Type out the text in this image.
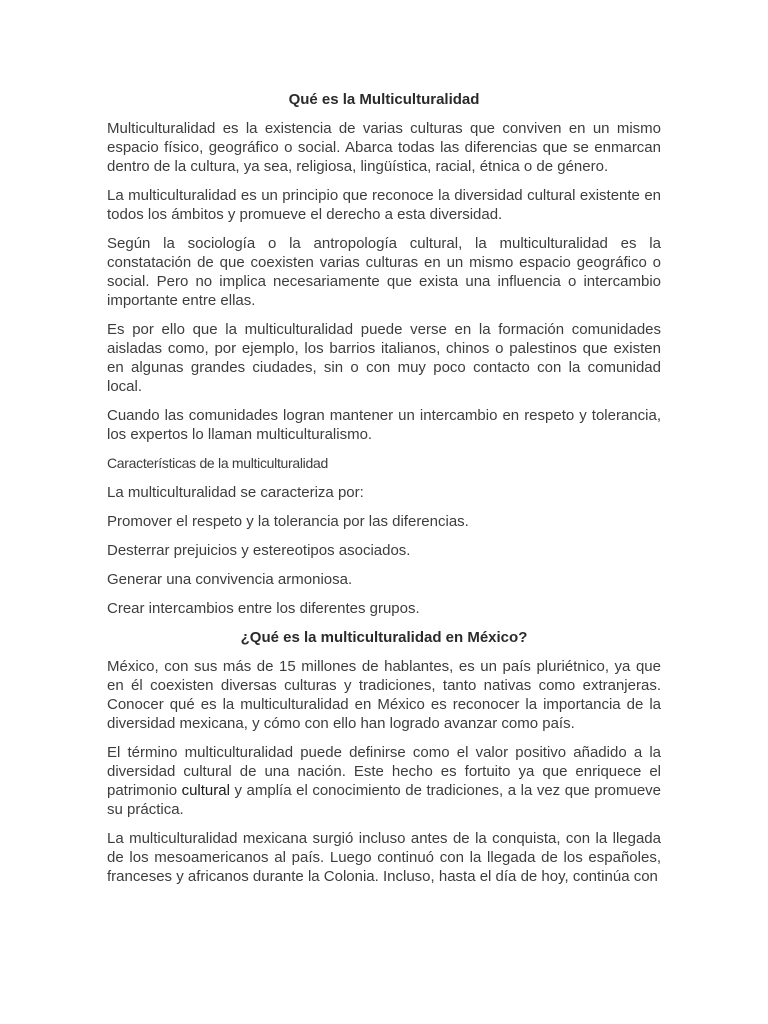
Qué es la Multiculturalidad

Multiculturalidad es la existencia de varias culturas que conviven en un mismo espacio físico, geográfico o social. Abarca todas las diferencias que se enmarcan dentro de la cultura, ya sea, religiosa, lingüística, racial, étnica o de género.

La multiculturalidad es un principio que reconoce la diversidad cultural existente en todos los ámbitos y promueve el derecho a esta diversidad.

Según la sociología o la antropología cultural, la multiculturalidad es la constatación de que coexisten varias culturas en un mismo espacio geográfico o social. Pero no implica necesariamente que exista una influencia o intercambio importante entre ellas.

Es por ello que la multiculturalidad puede verse en la formación comunidades aisladas como, por ejemplo, los barrios italianos, chinos o palestinos que existen en algunas grandes ciudades, sin o con muy poco contacto con la comunidad local.

Cuando las comunidades logran mantener un intercambio en respeto y tolerancia, los expertos lo llaman multiculturalismo.

Características de la multiculturalidad

La multiculturalidad se caracteriza por:

Promover el respeto y la tolerancia por las diferencias.

Desterrar prejuicios y estereotipos asociados.

Generar una convivencia armoniosa.

Crear intercambios entre los diferentes grupos.

¿Qué es la multiculturalidad en México?

México, con sus más de 15 millones de hablantes, es un país pluriétnico, ya que en él coexisten diversas culturas y tradiciones, tanto nativas como extranjeras. Conocer qué es la multiculturalidad en México es reconocer la importancia de la diversidad mexicana, y cómo con ello han logrado avanzar como país.

El término multiculturalidad puede definirse como el valor positivo añadido a la diversidad cultural de una nación. Este hecho es fortuito ya que enriquece el patrimonio cultural y amplía el conocimiento de tradiciones, a la vez que promueve su práctica.

La multiculturalidad mexicana surgió incluso antes de la conquista, con la llegada de los mesoamericanos al país. Luego continuó con la llegada de los españoles, franceses y africanos durante la Colonia. Incluso, hasta el día de hoy, continúa con
